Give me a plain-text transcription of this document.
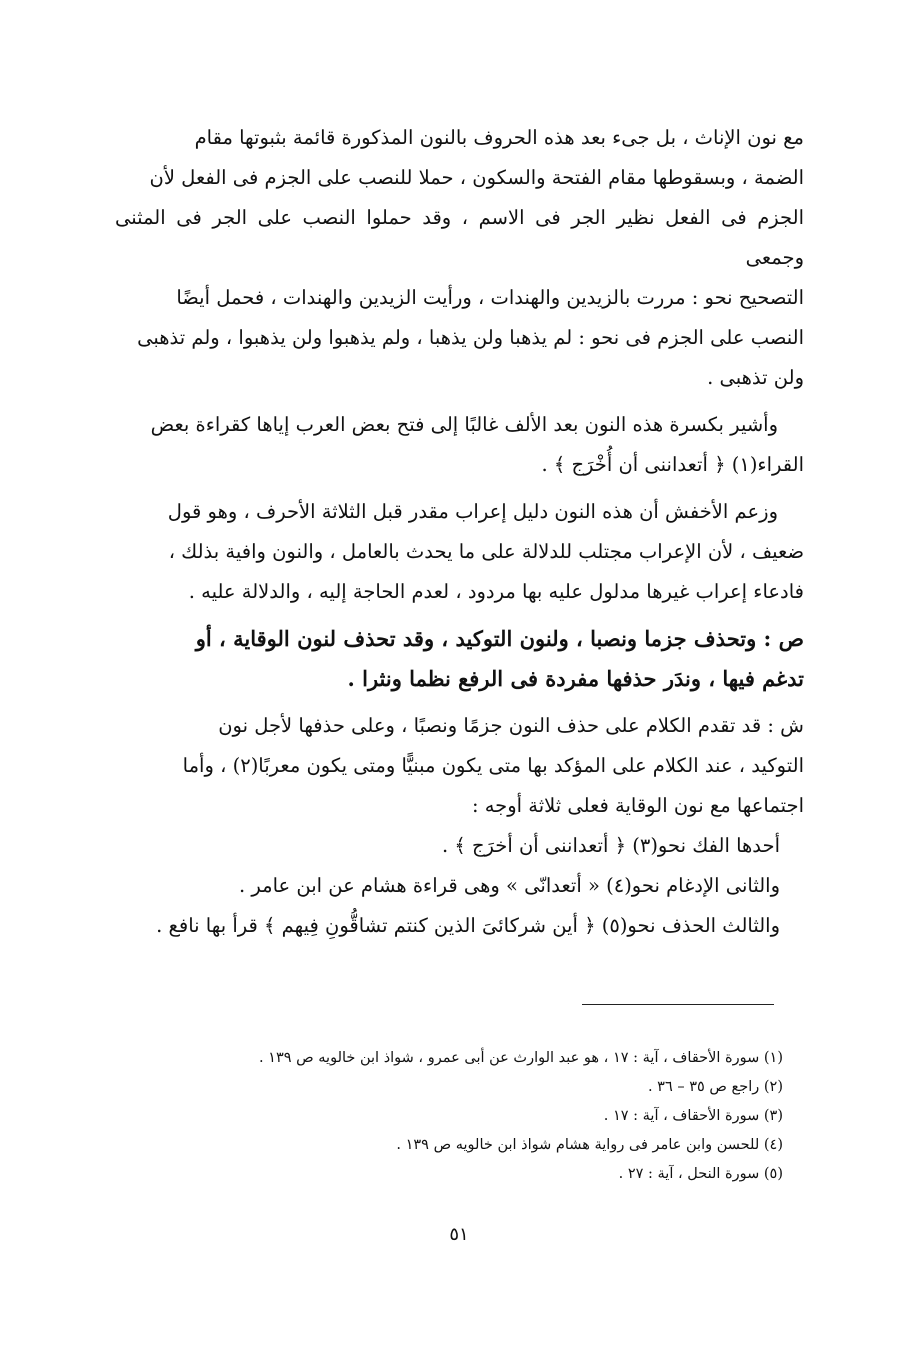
مع نون الإناث ، بل جىء بعد هذه الحروف بالنون المذكورة قائمة بثبوتها مقام
الضمة ، وبسقوطها مقام الفتحة والسكون ، حملا للنصب على الجزم فى الفعل لأن
الجزم فى الفعل نظير الجر فى الاسم ، وقد حملوا النصب على الجر فى المثنى وجمعى
التصحيح نحو : مررت بالزيدين والهندات ، ورأيت الزيدين والهندات ، فحمل أيضًا
النصب على الجزم فى نحو : لم يذهبا ولن يذهبا ، ولم يذهبوا ولن يذهبوا ، ولم تذهبى
ولن تذهبى .

وأشير بكسرة هذه النون بعد الألف غالبًا إلى فتح بعض العرب إياها كقراءة بعض
القراء(١) ﴿ أتعداننى أن أُخْرَج ﴾ .

وزعم الأخفش أن هذه النون دليل إعراب مقدر قبل الثلاثة الأحرف ، وهو قول
ضعيف ، لأن الإعراب مجتلب للدلالة على ما يحدث بالعامل ، والنون وافية بذلك ،
فادعاء إعراب غيرها مدلول عليه بها مردود ، لعدم الحاجة إليه ، والدلالة عليه .

ص : وتحذف جزما ونصبا ، ولنون التوكيد ، وقد تحذف لنون الوقاية ، أو
تدغم فيها ، وندَر حذفها مفردة فى الرفع نظما ونثرا .

ش : قد تقدم الكلام على حذف النون جزمًا ونصبًا ، وعلى حذفها لأجل نون
التوكيد ، عند الكلام على المؤكد بها متى يكون مبنيًّا ومتى يكون معربًا(٢) ، وأما
اجتماعها مع نون الوقاية فعلى ثلاثة أوجه :
أحدها الفك نحو(٣) ﴿ أتعداننى أن أخرَج ﴾ .
والثانى الإدغام نحو(٤) « أتعدانّى » وهى قراءة هشام عن ابن عامر .
والثالث الحذف نحو(٥) ﴿ أين شركائىَ الذين كنتم تشاقُّونِ فِيهم ﴾ قرأ بها نافع .

(١) سورة الأحقاف ، آية : ١٧ ، هو عبد الوارث عن أبى عمرو ، شواذ ابن خالويه ص ١٣٩ .
(٢) راجع ص ٣٥ – ٣٦ .
(٣) سورة الأحقاف ، آية : ١٧ .
(٤) للحسن وابن عامر فى رواية هشام شواذ ابن خالويه ص ١٣٩ .
(٥) سورة النحل ، آية : ٢٧ .
٥١
